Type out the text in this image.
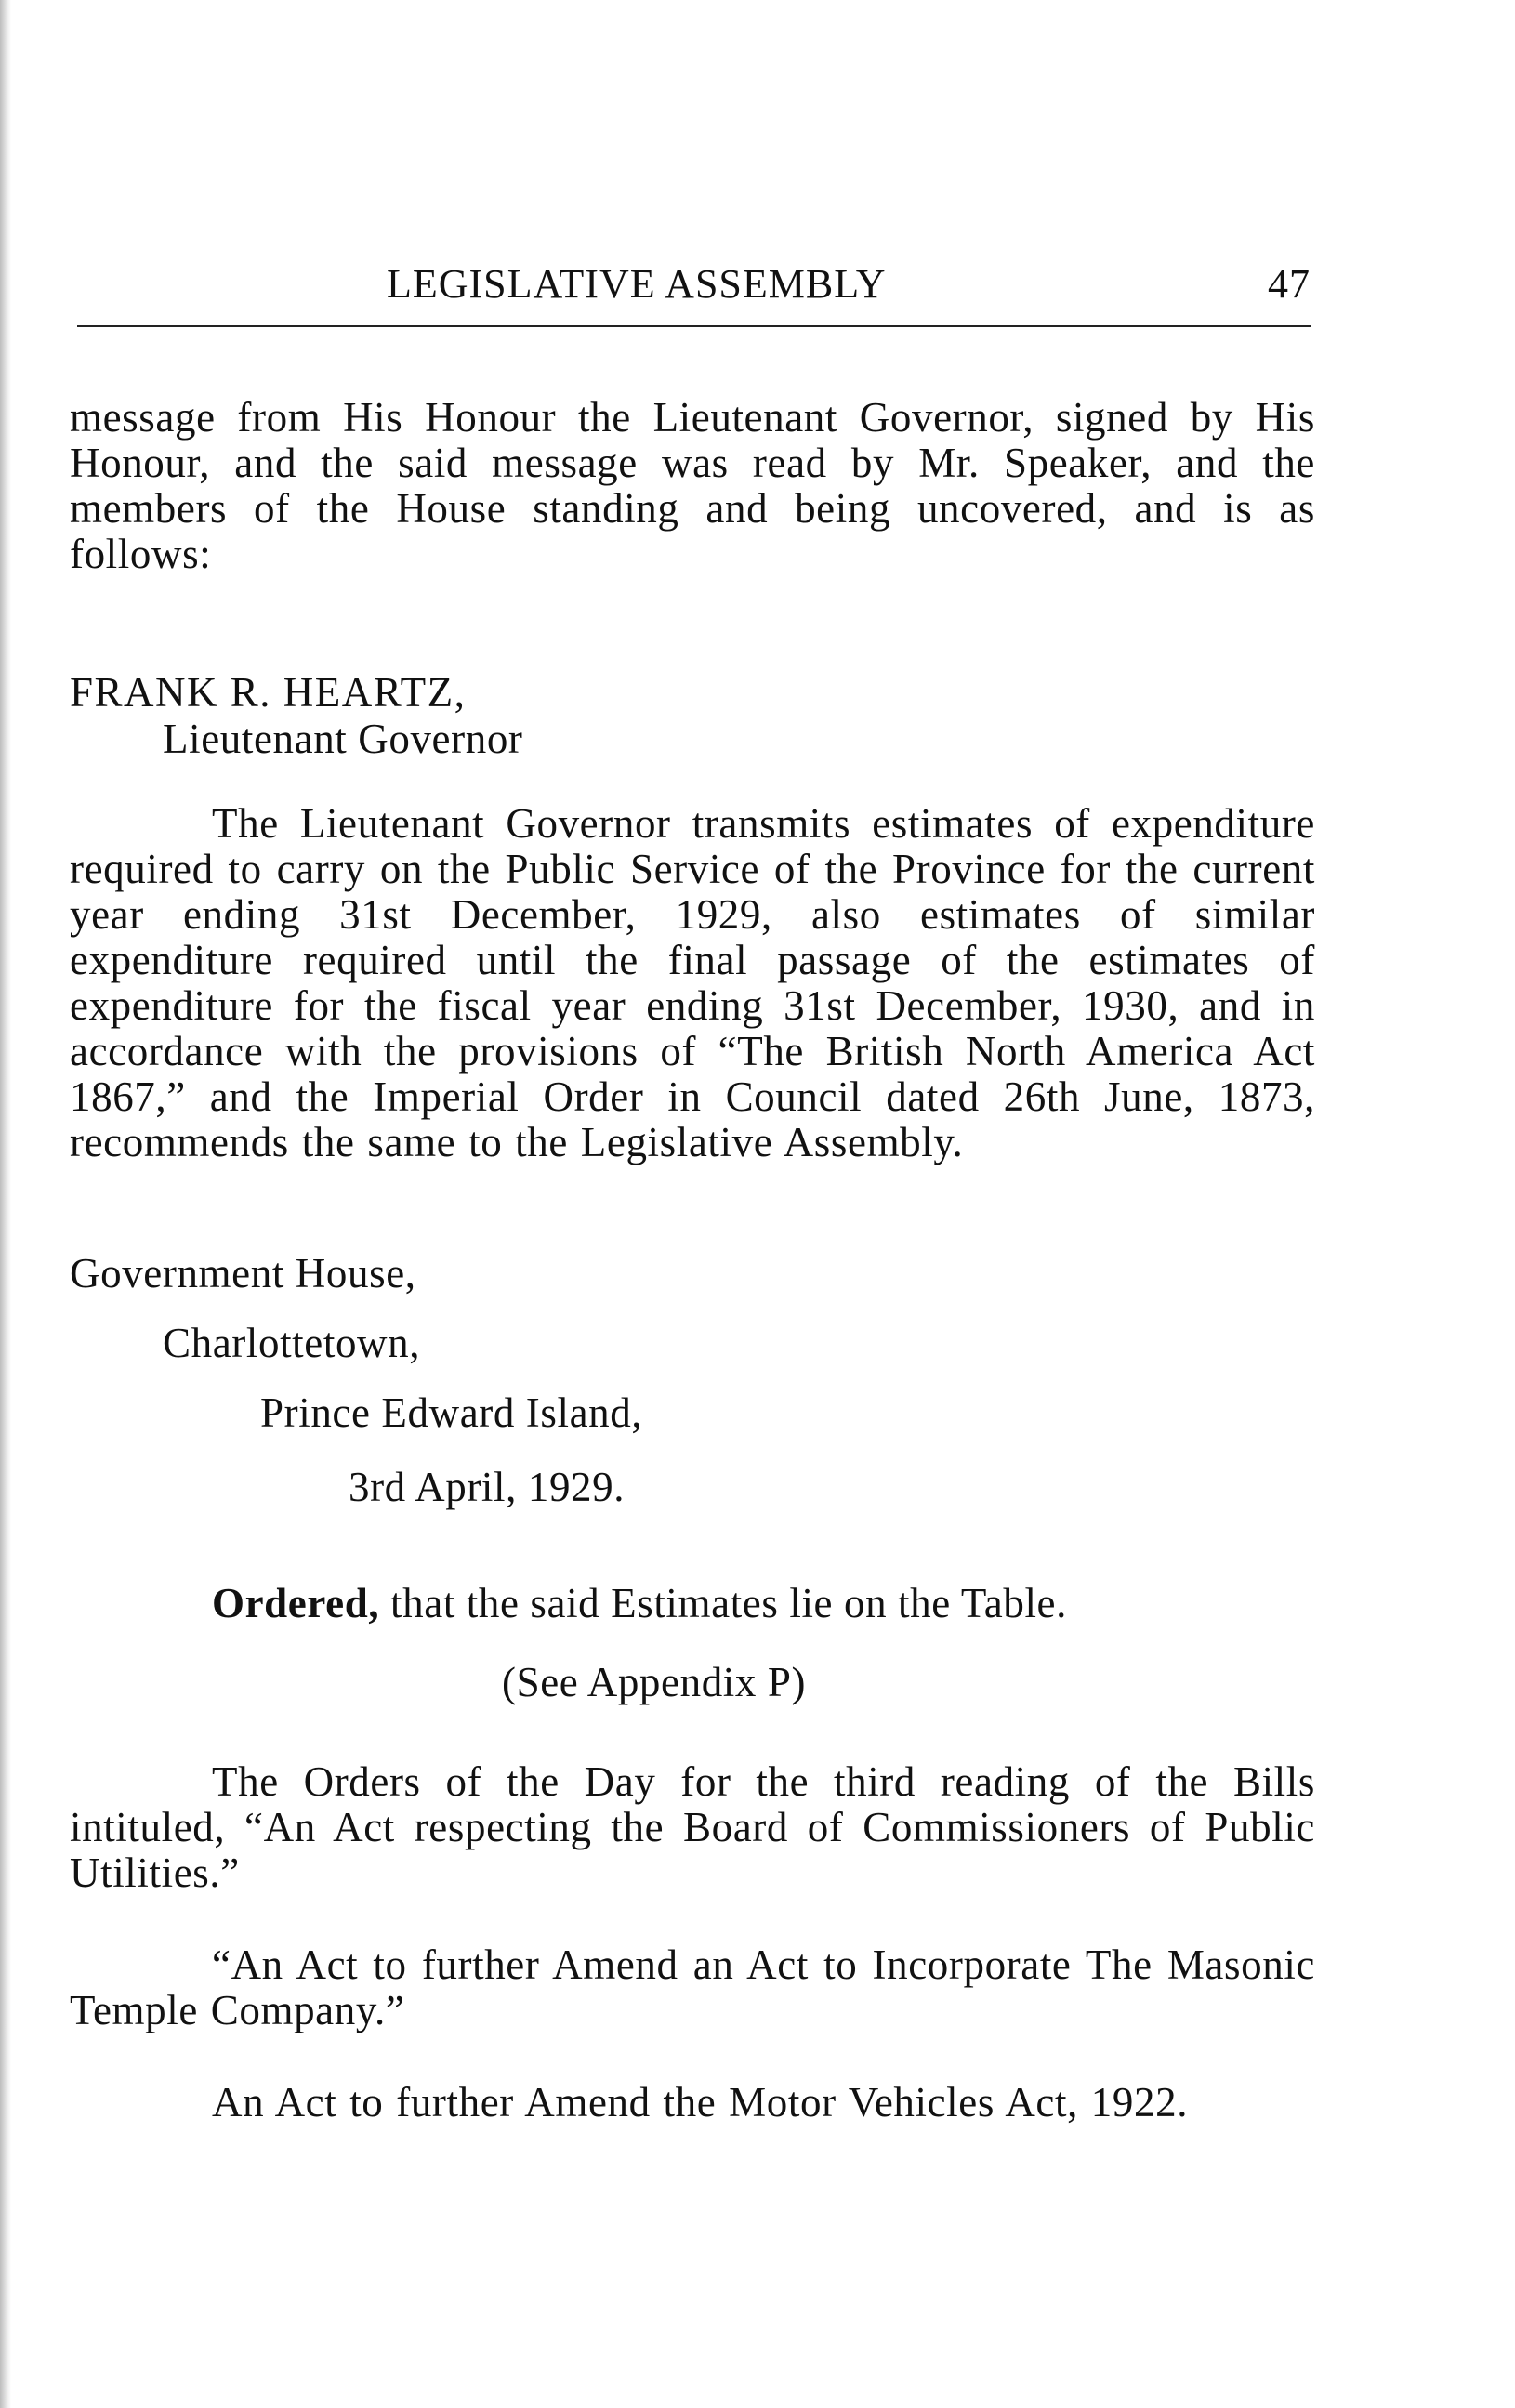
LEGISLATIVE ASSEMBLY	47
message from His Honour the Lieutenant Governor, signed by His Honour, and the said message was read by Mr. Speaker, and the members of the House standing and being uncovered, and is as follows:
FRANK R. HEARTZ,
Lieutenant Governor
The Lieutenant Governor transmits estimates of expenditure required to carry on the Public Service of the Province for the current year ending 31st December, 1929, also estimates of similar expenditure required until the final passage of the estimates of expenditure for the fiscal year ending 31st December, 1930, and in accordance with the provisions of “The British North America Act 1867,” and the Imperial Order in Council dated 26th June, 1873, recommends the same to the Legislative Assembly.
Government House,
Charlottetown,
Prince Edward Island,
3rd April, 1929.
Ordered, that the said Estimates lie on the Table.
(See Appendix P)
The Orders of the Day for the third reading of the Bills intituled, “An Act respecting the Board of Commissioners of Public Utilities.”
“An Act to further Amend an Act to Incorporate The Masonic Temple Company.”
An Act to further Amend the Motor Vehicles Act, 1922.
